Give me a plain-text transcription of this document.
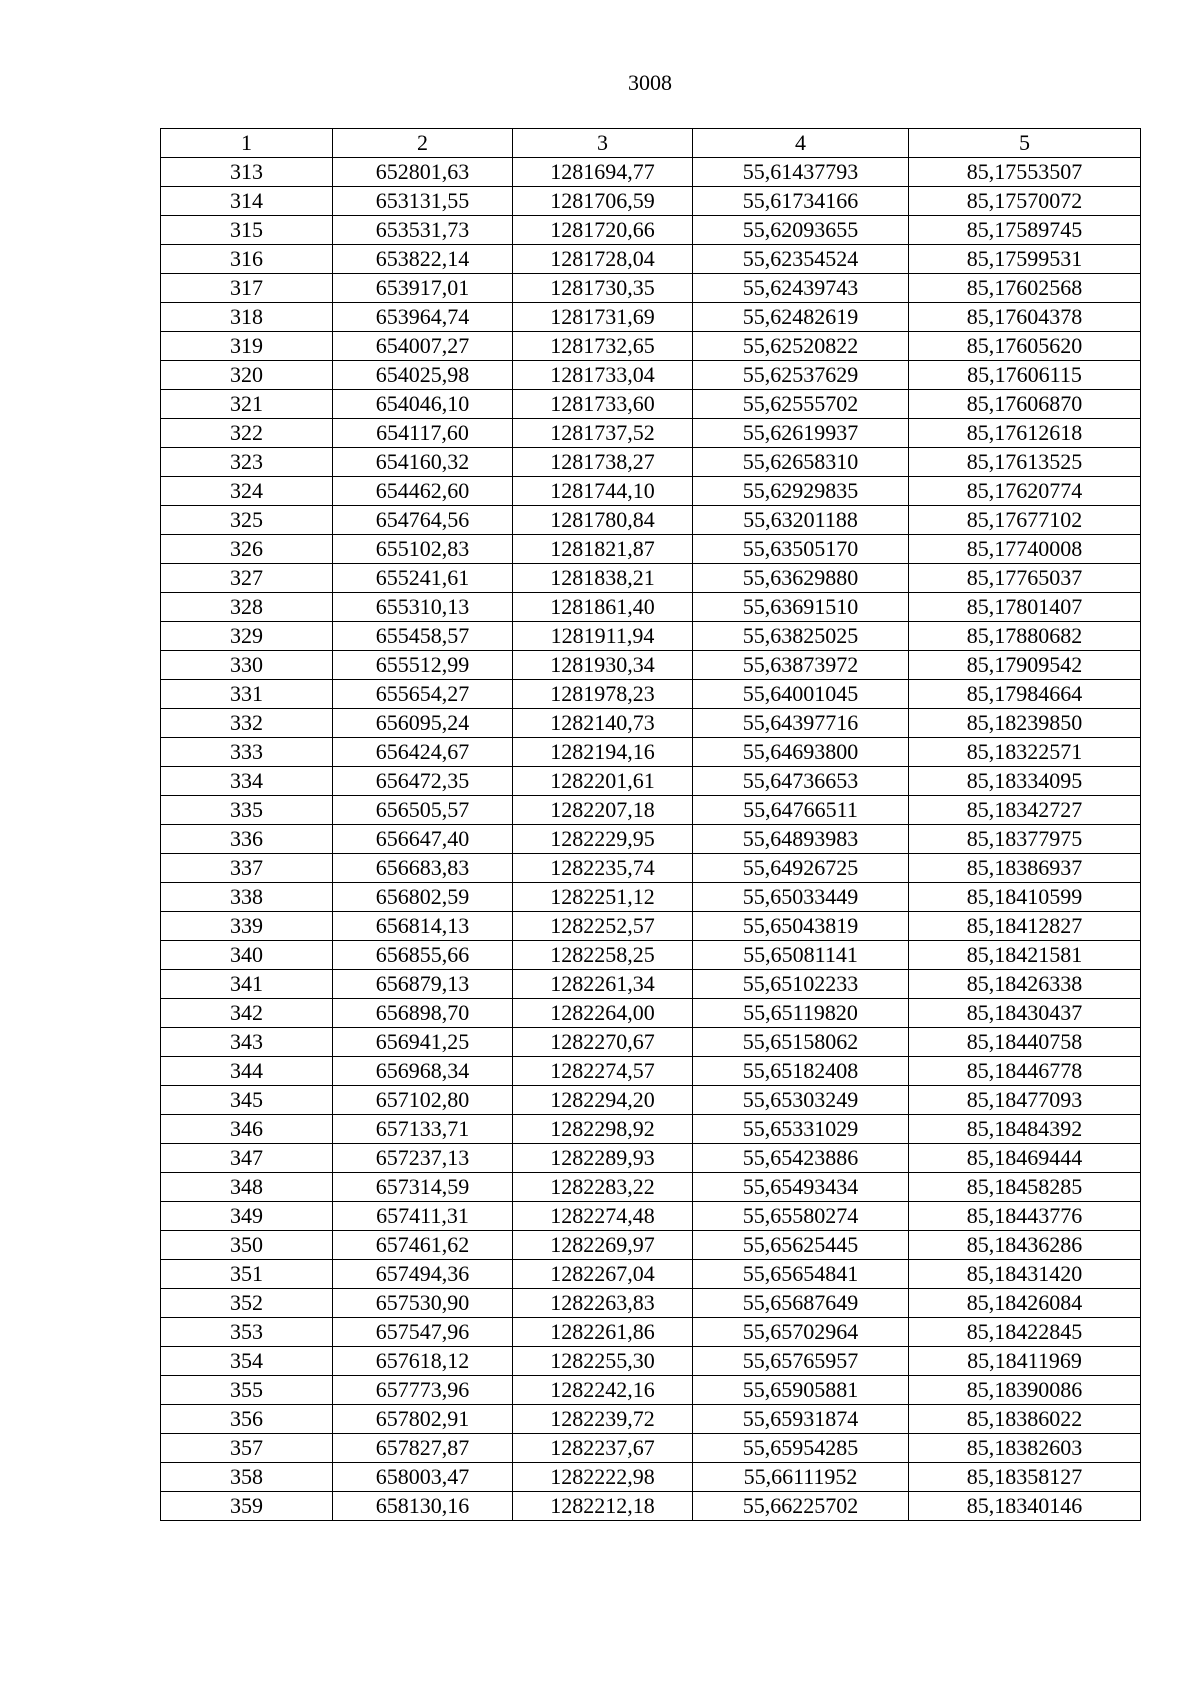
3008
1	2	3	4	5
313	652801,63	1281694,77	55,61437793	85,17553507
314	653131,55	1281706,59	55,61734166	85,17570072
315	653531,73	1281720,66	55,62093655	85,17589745
316	653822,14	1281728,04	55,62354524	85,17599531
317	653917,01	1281730,35	55,62439743	85,17602568
318	653964,74	1281731,69	55,62482619	85,17604378
319	654007,27	1281732,65	55,62520822	85,17605620
320	654025,98	1281733,04	55,62537629	85,17606115
321	654046,10	1281733,60	55,62555702	85,17606870
322	654117,60	1281737,52	55,62619937	85,17612618
323	654160,32	1281738,27	55,62658310	85,17613525
324	654462,60	1281744,10	55,62929835	85,17620774
325	654764,56	1281780,84	55,63201188	85,17677102
326	655102,83	1281821,87	55,63505170	85,17740008
327	655241,61	1281838,21	55,63629880	85,17765037
328	655310,13	1281861,40	55,63691510	85,17801407
329	655458,57	1281911,94	55,63825025	85,17880682
330	655512,99	1281930,34	55,63873972	85,17909542
331	655654,27	1281978,23	55,64001045	85,17984664
332	656095,24	1282140,73	55,64397716	85,18239850
333	656424,67	1282194,16	55,64693800	85,18322571
334	656472,35	1282201,61	55,64736653	85,18334095
335	656505,57	1282207,18	55,64766511	85,18342727
336	656647,40	1282229,95	55,64893983	85,18377975
337	656683,83	1282235,74	55,64926725	85,18386937
338	656802,59	1282251,12	55,65033449	85,18410599
339	656814,13	1282252,57	55,65043819	85,18412827
340	656855,66	1282258,25	55,65081141	85,18421581
341	656879,13	1282261,34	55,65102233	85,18426338
342	656898,70	1282264,00	55,65119820	85,18430437
343	656941,25	1282270,67	55,65158062	85,18440758
344	656968,34	1282274,57	55,65182408	85,18446778
345	657102,80	1282294,20	55,65303249	85,18477093
346	657133,71	1282298,92	55,65331029	85,18484392
347	657237,13	1282289,93	55,65423886	85,18469444
348	657314,59	1282283,22	55,65493434	85,18458285
349	657411,31	1282274,48	55,65580274	85,18443776
350	657461,62	1282269,97	55,65625445	85,18436286
351	657494,36	1282267,04	55,65654841	85,18431420
352	657530,90	1282263,83	55,65687649	85,18426084
353	657547,96	1282261,86	55,65702964	85,18422845
354	657618,12	1282255,30	55,65765957	85,18411969
355	657773,96	1282242,16	55,65905881	85,18390086
356	657802,91	1282239,72	55,65931874	85,18386022
357	657827,87	1282237,67	55,65954285	85,18382603
358	658003,47	1282222,98	55,66111952	85,18358127
359	658130,16	1282212,18	55,66225702	85,18340146
